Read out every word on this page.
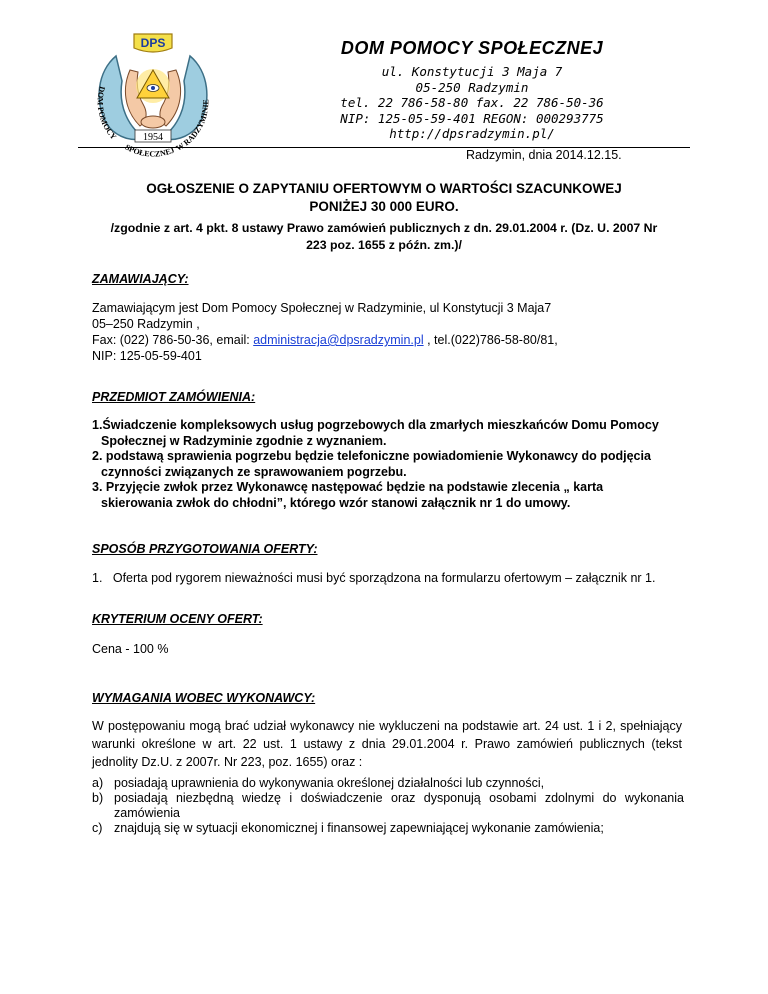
DPS
1954
DOM POMOCY
SPOŁECZNEJ
W RADZYMINIE
DOM POMOCY SPOŁECZNEJ
ul. Konstytucji 3 Maja 7
05-250 Radzymin
tel. 22 786-58-80 fax. 22 786-50-36
NIP: 125-05-59-401 REGON: 000293775
http://dpsradzymin.pl/
Radzymin, dnia 2014.12.15.
OGŁOSZENIE O ZAPYTANIU OFERTOWYM O WARTOŚCI SZACUNKOWEJ
PONIŻEJ 30 000 EURO.
/zgodnie z art. 4 pkt. 8 ustawy Prawo zamówień publicznych z dn. 29.01.2004 r. (Dz. U. 2007 Nr
223 poz. 1655 z późn. zm.)/
ZAMAWIAJĄCY:
Zamawiającym jest Dom Pomocy Społecznej w Radzyminie, ul Konstytucji 3 Maja7
05–250 Radzymin ,
Fax: (022) 786-50-36, email: administracja@dpsradzymin.pl , tel.(022)786-58-80/81,
NIP: 125-05-59-401
PRZEDMIOT ZAMÓWIENIA:
1.Świadczenie kompleksowych usług pogrzebowych dla zmarłych mieszkańców Domu Pomocy
Społecznej w Radzyminie zgodnie z wyznaniem.
2. podstawą sprawienia pogrzebu będzie telefoniczne powiadomienie Wykonawcy do podjęcia
czynności związanych ze sprawowaniem pogrzebu.
3. Przyjęcie zwłok przez Wykonawcę następować będzie na podstawie zlecenia „ karta
skierowania zwłok do chłodni”, którego wzór stanowi załącznik nr 1 do umowy.
SPOSÓB PRZYGOTOWANIA OFERTY:
1. Oferta pod rygorem nieważności musi być sporządzona na formularzu ofertowym – załącznik nr 1.
KRYTERIUM OCENY OFERT:
Cena - 100 %
WYMAGANIA WOBEC WYKONAWCY:
W postępowaniu mogą brać udział wykonawcy nie wykluczeni na podstawie art. 24 ust. 1 i 2, spełniający warunki określone w art. 22 ust. 1 ustawy z dnia 29.01.2004 r. Prawo zamówień publicznych (tekst jednolity Dz.U. z 2007r. Nr 223, poz. 1655) oraz :
a) posiadają uprawnienia do wykonywania określonej działalności lub czynności,
b) posiadają niezbędną wiedzę i doświadczenie oraz dysponują osobami zdolnymi do wykonania zamówienia
c) znajdują się w sytuacji ekonomicznej i finansowej zapewniającej wykonanie zamówienia;
